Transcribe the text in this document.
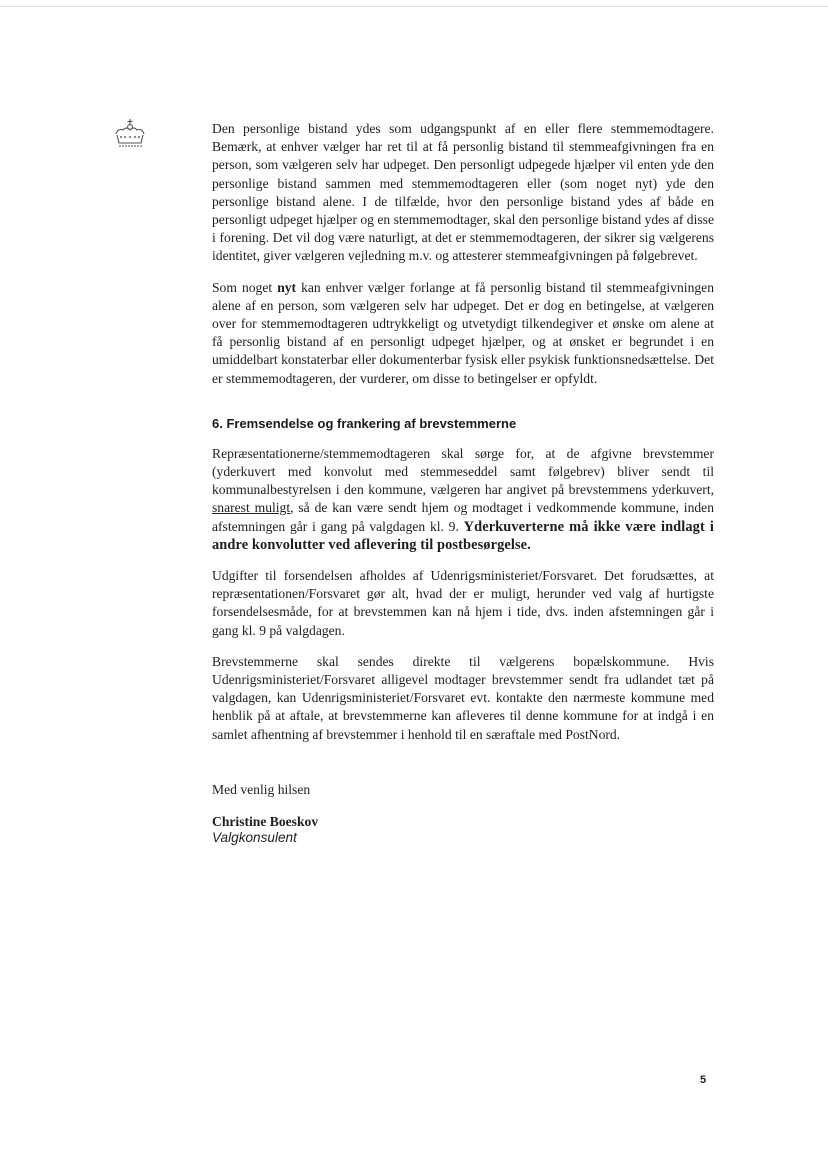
Den personlige bistand ydes som udgangspunkt af en eller flere stemmemodtagere. Bemærk, at enhver vælger har ret til at få personlig bistand til stemmeafgivningen fra en person, som vælgeren selv har udpeget. Den personligt udpegede hjælper vil enten yde den personlige bistand sammen med stemmemodtageren eller (som noget nyt) yde den personlige bistand alene. I de tilfælde, hvor den personlige bistand ydes af både en personligt udpeget hjælper og en stemmemodtager, skal den personlige bistand ydes af disse i forening. Det vil dog være naturligt, at det er stemmemodtageren, der sikrer sig vælgerens identitet, giver vælgeren vejledning m.v. og attesterer stemmeafgivningen på følgebrevet.

Som noget nyt kan enhver vælger forlange at få personlig bistand til stemmeafgivningen alene af en person, som vælgeren selv har udpeget. Det er dog en betingelse, at vælgeren over for stemmemodtageren udtrykkeligt og utvetydigt tilkendegiver et ønske om alene at få personlig bistand af en personligt udpeget hjælper, og at ønsket er begrundet i en umiddelbart konstaterbar eller dokumenterbar fysisk eller psykisk funktionsnedsættelse. Det er stemmemodtageren, der vurderer, om disse to betingelser er opfyldt.

6. Fremsendelse og frankering af brevstemmerne

Repræsentationerne/stemmemodtageren skal sørge for, at de afgivne brevstemmer (yderkuvert med konvolut med stemmeseddel samt følgebrev) bliver sendt til kommunalbestyrelsen i den kommune, vælgeren har angivet på brevstemmens yderkuvert, snarest muligt, så de kan være sendt hjem og modtaget i vedkommende kommune, inden afstemningen går i gang på valgdagen kl. 9. Yderkuverterne må ikke være indlagt i andre konvolutter ved aflevering til postbesørgelse.

Udgifter til forsendelsen afholdes af Udenrigsministeriet/Forsvaret. Det forudsættes, at repræsentationen/Forsvaret gør alt, hvad der er muligt, herunder ved valg af hurtigste forsendelsesmåde, for at brevstemmen kan nå hjem i tide, dvs. inden afstemningen går i gang kl. 9 på valgdagen.

Brevstemmerne skal sendes direkte til vælgerens bopælskommune. Hvis Udenrigsministeriet/Forsvaret alligevel modtager brevstemmer sendt fra udlandet tæt på valgdagen, kan Udenrigsministeriet/Forsvaret evt. kontakte den nærmeste kommune med henblik på at aftale, at brevstemmerne kan afleveres til denne kommune for at indgå i en samlet afhentning af brevstemmer i henhold til en særaftale med PostNord.

Med venlig hilsen
Christine Boeskov
Valgkonsulent
5
